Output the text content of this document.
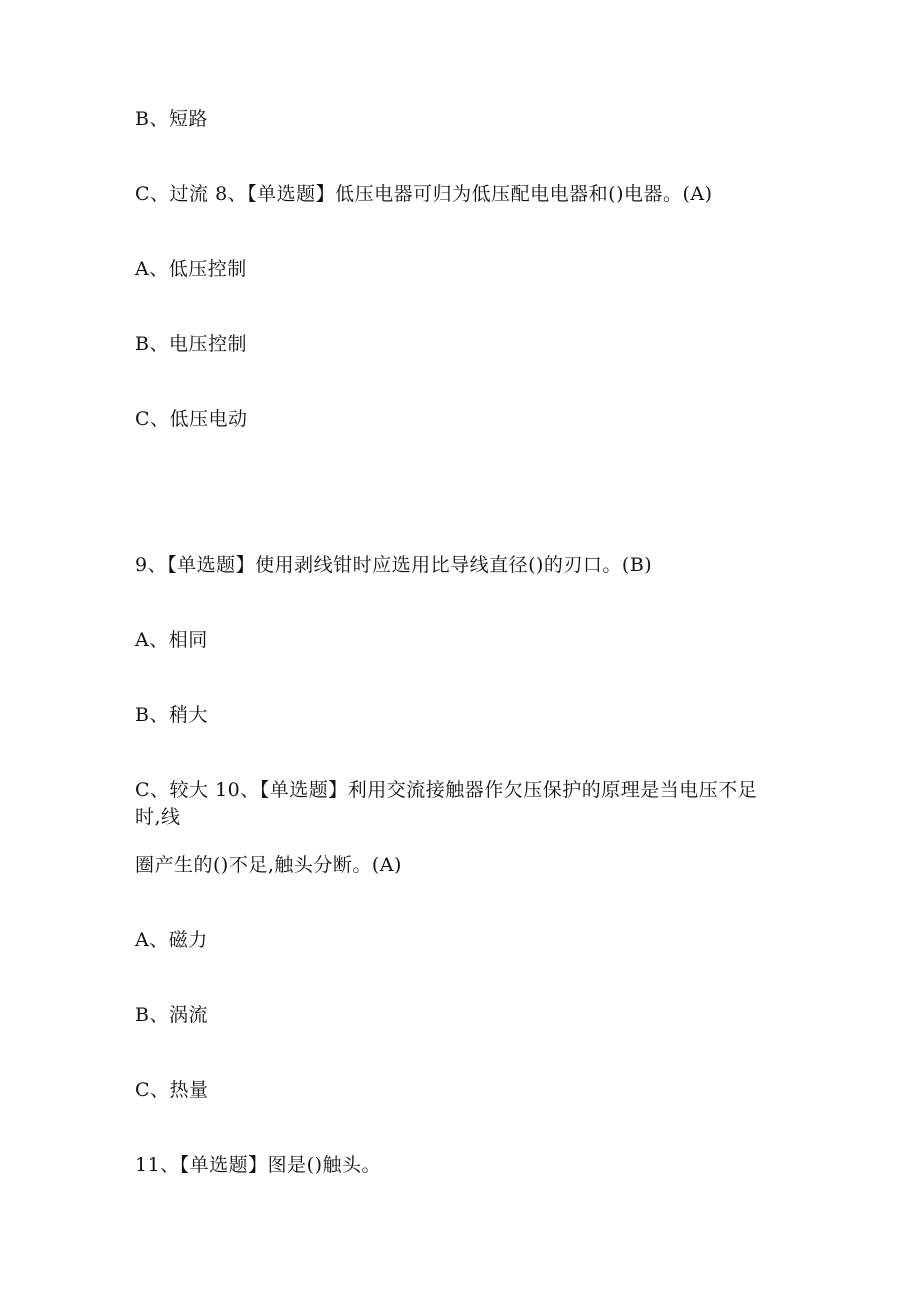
B、短路
C、过流 8、【单选题】低压电器可归为低压配电电器和()电器。(A)
A、低压控制
B、电压控制
C、低压电动
9、【单选题】使用剥线钳时应选用比导线直径()的刃口。(B)
A、相同
B、稍大
C、较大 10、【单选题】利用交流接触器作欠压保护的原理是当电压不足
时,线
圈产生的()不足,触头分断。(A)
A、磁力
B、涡流
C、热量
11、【单选题】图是()触头。
